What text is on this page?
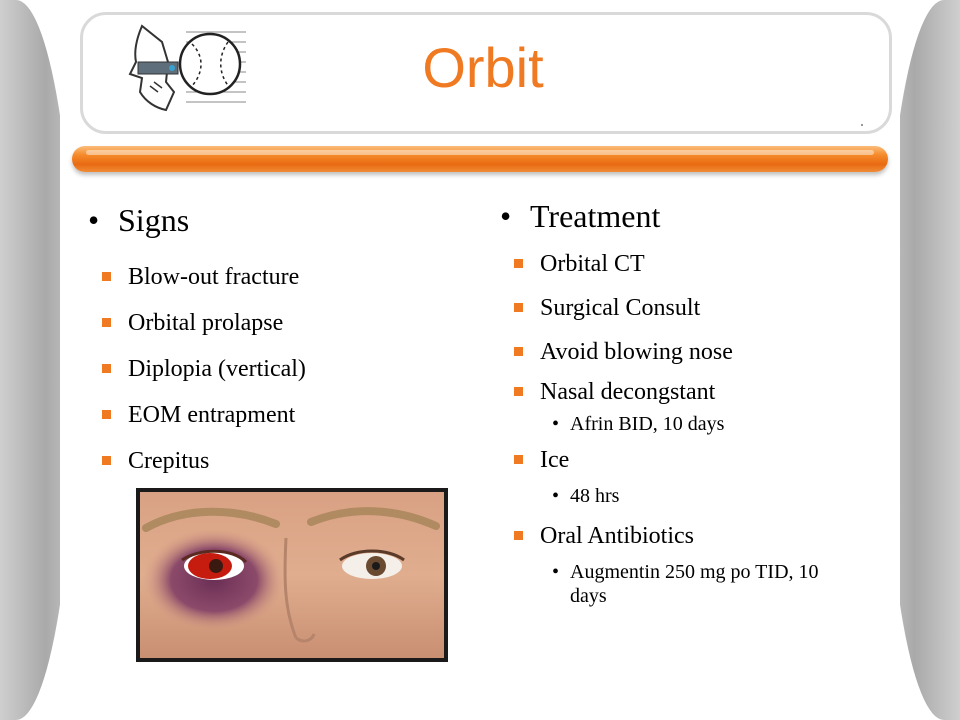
Orbit
• Signs
Blow-out fracture
Orbital prolapse
Diplopia (vertical)
EOM entrapment
Crepitus
• Treatment
Orbital CT
Surgical Consult
Avoid blowing nose
Nasal decongstant
• Afrin BID, 10 days
Ice
• 48 hrs
Oral Antibiotics
• Augmentin 250 mg po TID, 10 days
